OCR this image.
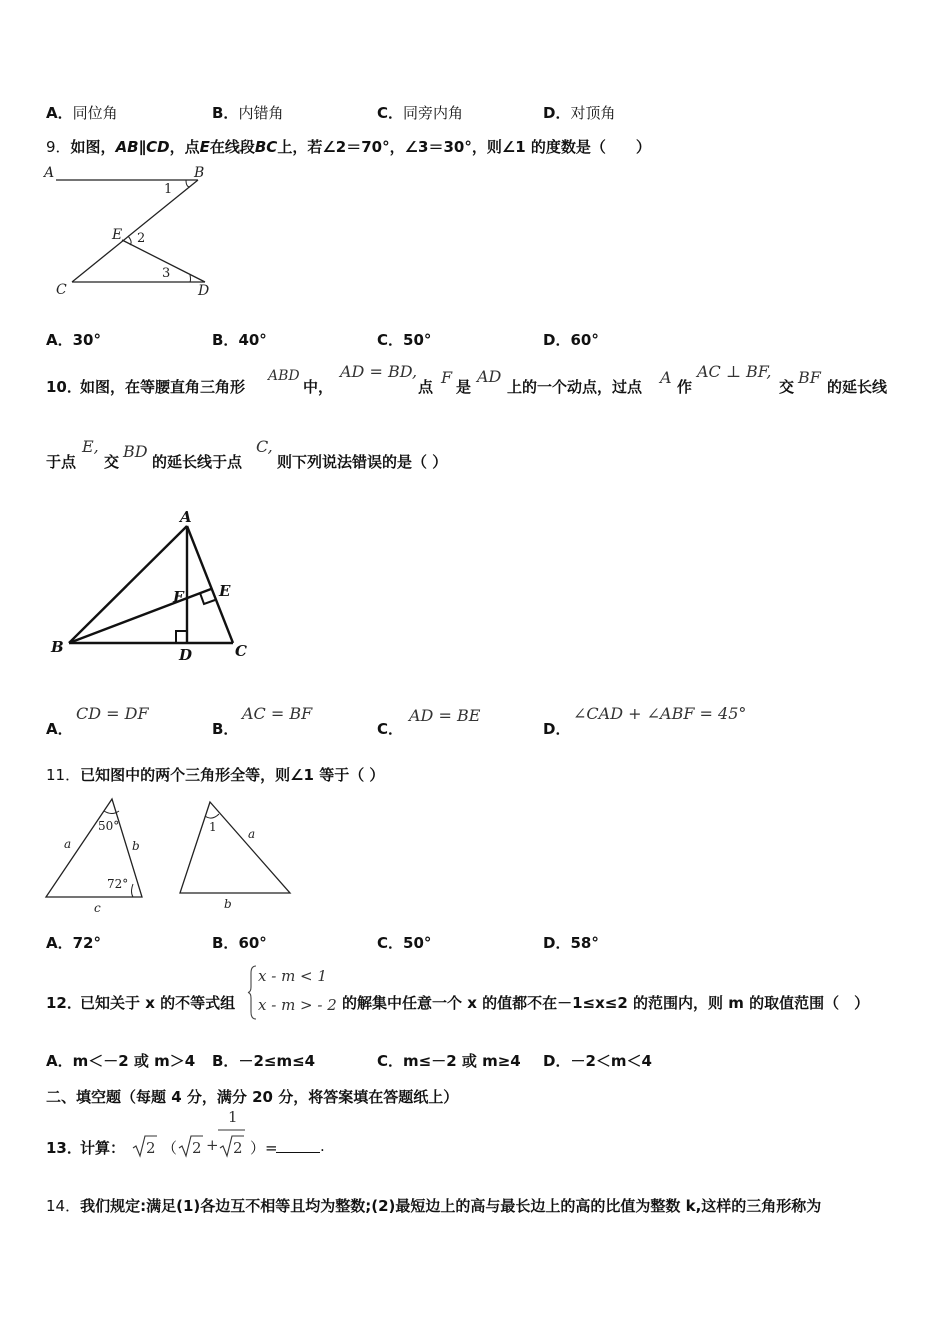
A．同位角	B．内错角	C．同旁内角	D．对顶角
9．如图，AB∥CD，点E在线段BC上，若∠2＝70°，∠3＝30°，则∠1 的度数是（　　）
A	B
C	D
E
1
2
3
A．30°	B．40°	C．50°	D．60°
10．
如图，在等腰直角三角形
ABD
中，
AD = BD,
点 F 是
AD
上的一个动点，过点 A 作
AC ⊥ BF,
交 BF 的延长线
于点
E,
交
BD
的延长线于点
C,
则下列说法错误的是（ ）
A
B	C
D
E
F
A．
CD = DF
B．
AC = BF
C．
AD = BE
D．
∠CAD + ∠ABF = 45°
11．已知图中的两个三角形全等，则∠1 等于（ ）
50°
72°
a	b
c
1	a
b
A．72°	B．60°	C．50°	D．58°
12．
已知关于 x 的不等式组
x - m < 1
x - m > - 2 的解集中任意一个 x 的值都不在－1≤x≤2 的范围内，则 m 的取值范围（　）
A．m＜－2 或 m＞4 B．－2≤m≤4	C．m≤－2 或 m≥4 D．－2＜m＜4
二、填空题（每题 4 分，满分 20 分，将答案填在答题纸上）
13．
计算： 2 （ 2 +
1
2 ）=	.
14．我们规定:满足(1)各边互不相等且均为整数;(2)最短边上的高与最长边上的高的比值为整数 k,这样的三角形称为
